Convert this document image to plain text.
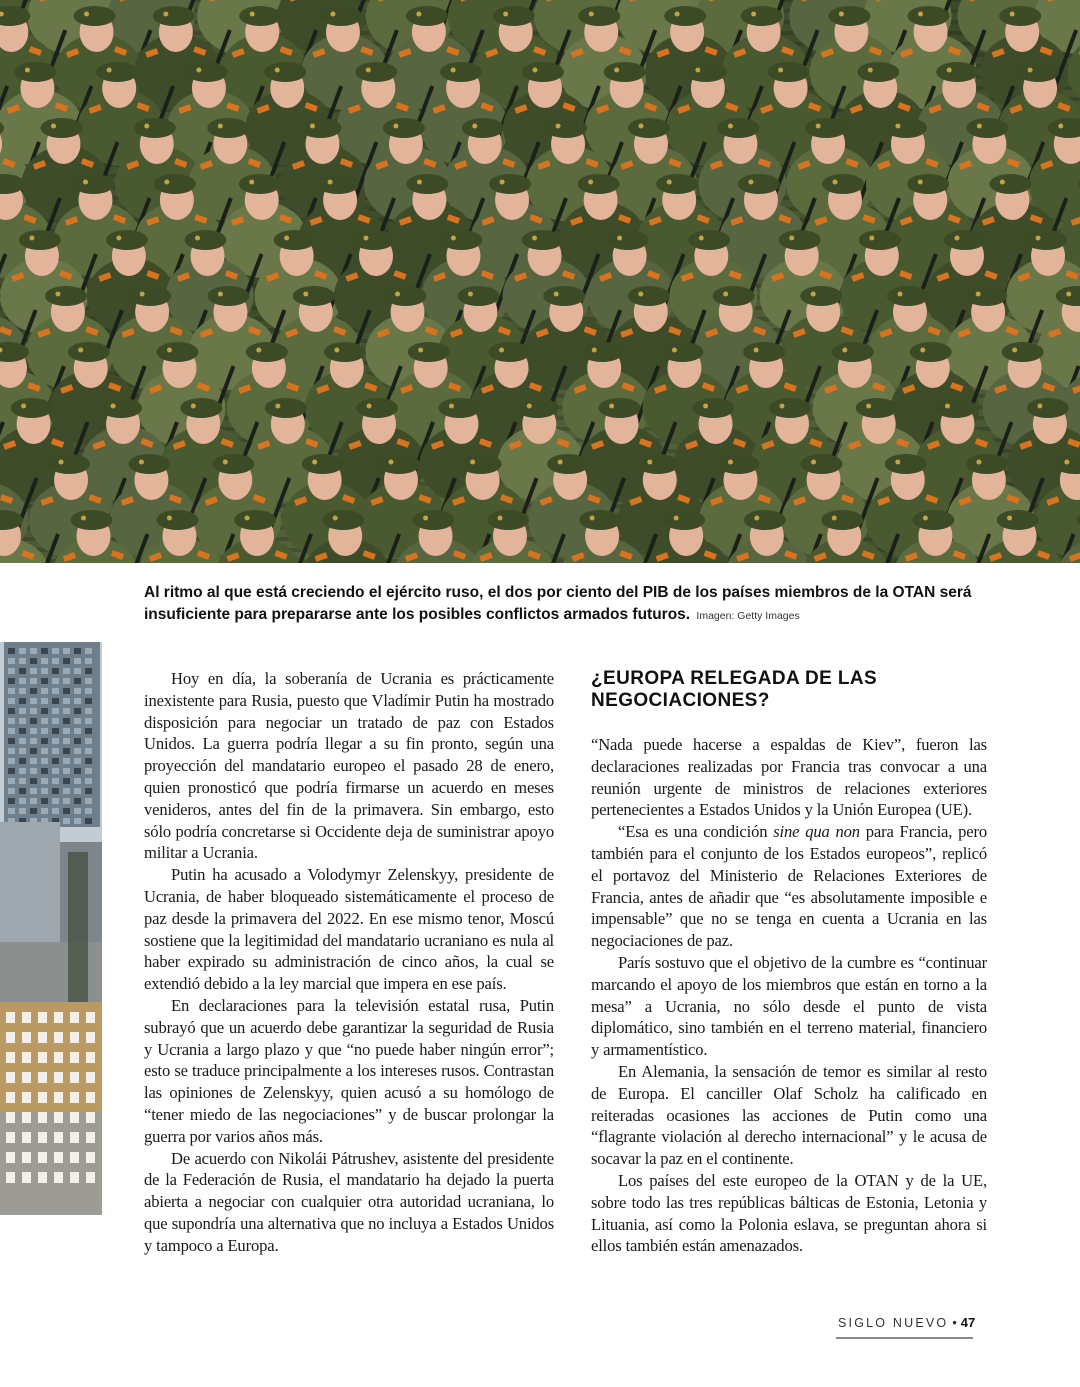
Al ritmo al que está creciendo el ejército ruso, el dos por ciento del PIB de los países miembros de la OTAN será insuficiente para prepararse ante los posibles conflictos armados futuros. Imagen: Getty Images

Hoy en día, la soberanía de Ucrania es prácticamente inexistente para Rusia, puesto que Vladímir Putin ha mostrado disposición para negociar un tratado de paz con Estados Unidos. La guerra podría llegar a su fin pronto, según una proyección del mandatario europeo el pasado 28 de enero, quien pronosticó que podría firmarse un acuerdo en meses venideros, antes del fin de la primavera. Sin embargo, esto sólo podría concretarse si Occidente deja de suministrar apoyo militar a Ucrania.

Putin ha acusado a Volodymyr Zelenskyy, presidente de Ucrania, de haber bloqueado sistemáticamente el proceso de paz desde la primavera del 2022. En ese mismo tenor, Moscú sostiene que la legitimidad del mandatario ucraniano es nula al haber expirado su administración de cinco años, la cual se extendió debido a la ley marcial que impera en ese país.

En declaraciones para la televisión estatal rusa, Putin subrayó que un acuerdo debe garantizar la seguridad de Rusia y Ucrania a largo plazo y que “no puede haber ningún error”; esto se traduce principalmente a los intereses rusos. Contrastan las opiniones de Zelenskyy, quien acusó a su homólogo de “tener miedo de las negociaciones” y de buscar prolongar la guerra por varios años más.

De acuerdo con Nikolái Pátrushev, asistente del presidente de la Federación de Rusia, el mandatario ha dejado la puerta abierta a negociar con cualquier otra autoridad ucraniana, lo que supondría una alternativa que no incluya a Estados Unidos y tampoco a Europa.

¿EUROPA RELEGADA DE LAS NEGOCIACIONES?

“Nada puede hacerse a espaldas de Kiev”, fueron las declaraciones realizadas por Francia tras convocar a una reunión urgente de ministros de relaciones exteriores pertenecientes a Estados Unidos y la Unión Europea (UE).

“Esa es una condición sine qua non para Francia, pero también para el conjunto de los Estados europeos”, replicó el portavoz del Ministerio de Relaciones Exteriores de Francia, antes de añadir que “es absolutamente imposible e impensable” que no se tenga en cuenta a Ucrania en las negociaciones de paz.

París sostuvo que el objetivo de la cumbre es “continuar marcando el apoyo de los miembros que están en torno a la mesa” a Ucrania, no sólo desde el punto de vista diplomático, sino también en el terreno material, financiero y armamentístico.

En Alemania, la sensación de temor es similar al resto de Europa. El canciller Olaf Scholz ha calificado en reiteradas ocasiones las acciones de Putin como una “flagrante violación al derecho internacional” y le acusa de socavar la paz en el continente.

Los países del este europeo de la OTAN y de la UE, sobre todo las tres repúblicas bálticas de Estonia, Letonia y Lituania, así como la Polonia eslava, se preguntan ahora si ellos también están amenazados.

SIGLO NUEVO • 47
